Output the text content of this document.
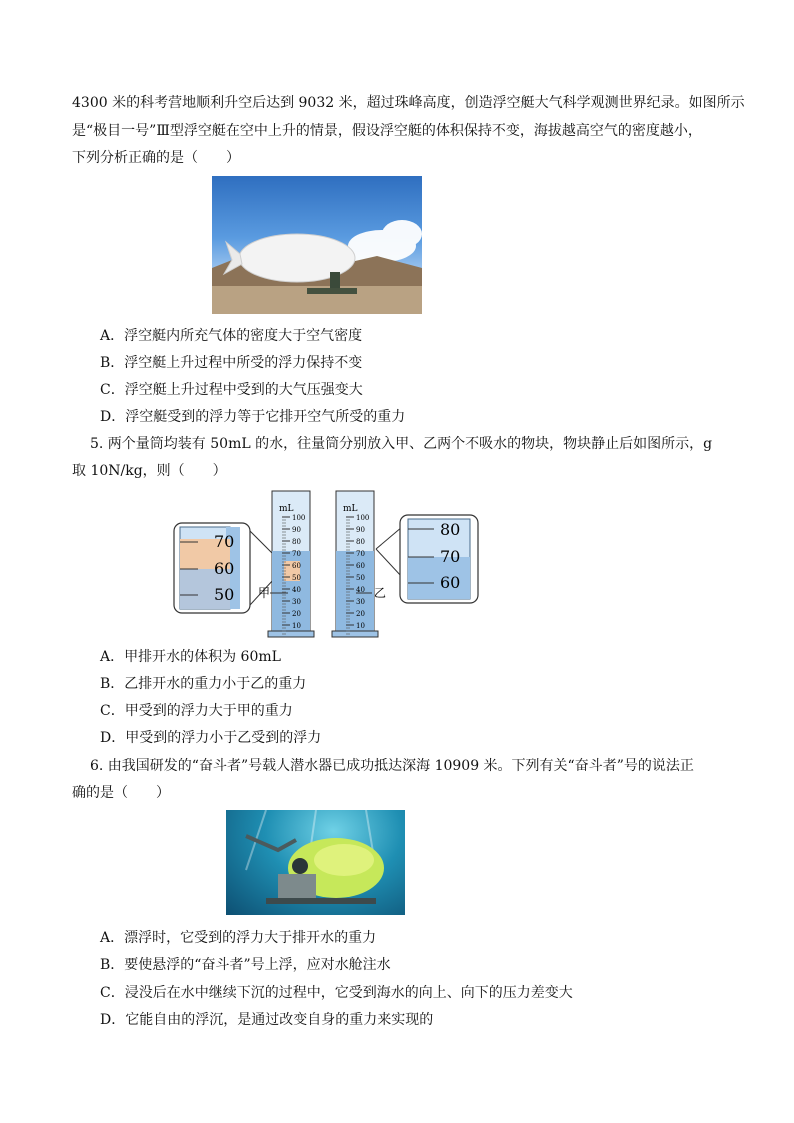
4300 米的科考营地顺利升空后达到 9032 米，超过珠峰高度，创造浮空艇大气科学观测世界纪录。如图所示
是“极目一号”Ⅲ型浮空艇在空中上升的情景，假设浮空艇的体积保持不变，海拔越高空气的密度越小，
下列分析正确的是（　　）
A．浮空艇内所充气体的密度大于空气密度
B．浮空艇上升过程中所受的浮力保持不变
C．浮空艇上升过程中受到的大气压强变大
D．浮空艇受到的浮力等于它排开空气所受的重力
5. 两个量筒均装有 50mL 的水，往量筒分别放入甲、乙两个不吸水的物块，物块静止后如图所示，g
取 10N/kg，则（　　）
70
60
50
mL
100
90
80
70
60
50
40
30
20
10
甲
mL
100
90
80
70
60
50
40
30
20
10
乙
80
70
60
A．甲排开水的体积为 60mL
B．乙排开水的重力小于乙的重力
C．甲受到的浮力大于甲的重力
D．甲受到的浮力小于乙受到的浮力
6. 由我国研发的“奋斗者”号载人潜水器已成功抵达深海 10909 米。下列有关“奋斗者”号的说法正
确的是（　　）
A．漂浮时，它受到的浮力大于排开水的重力
B．要使悬浮的“奋斗者”号上浮，应对水舱注水
C．浸没后在水中继续下沉的过程中，它受到海水的向上、向下的压力差变大
D．它能自由的浮沉，是通过改变自身的重力来实现的
